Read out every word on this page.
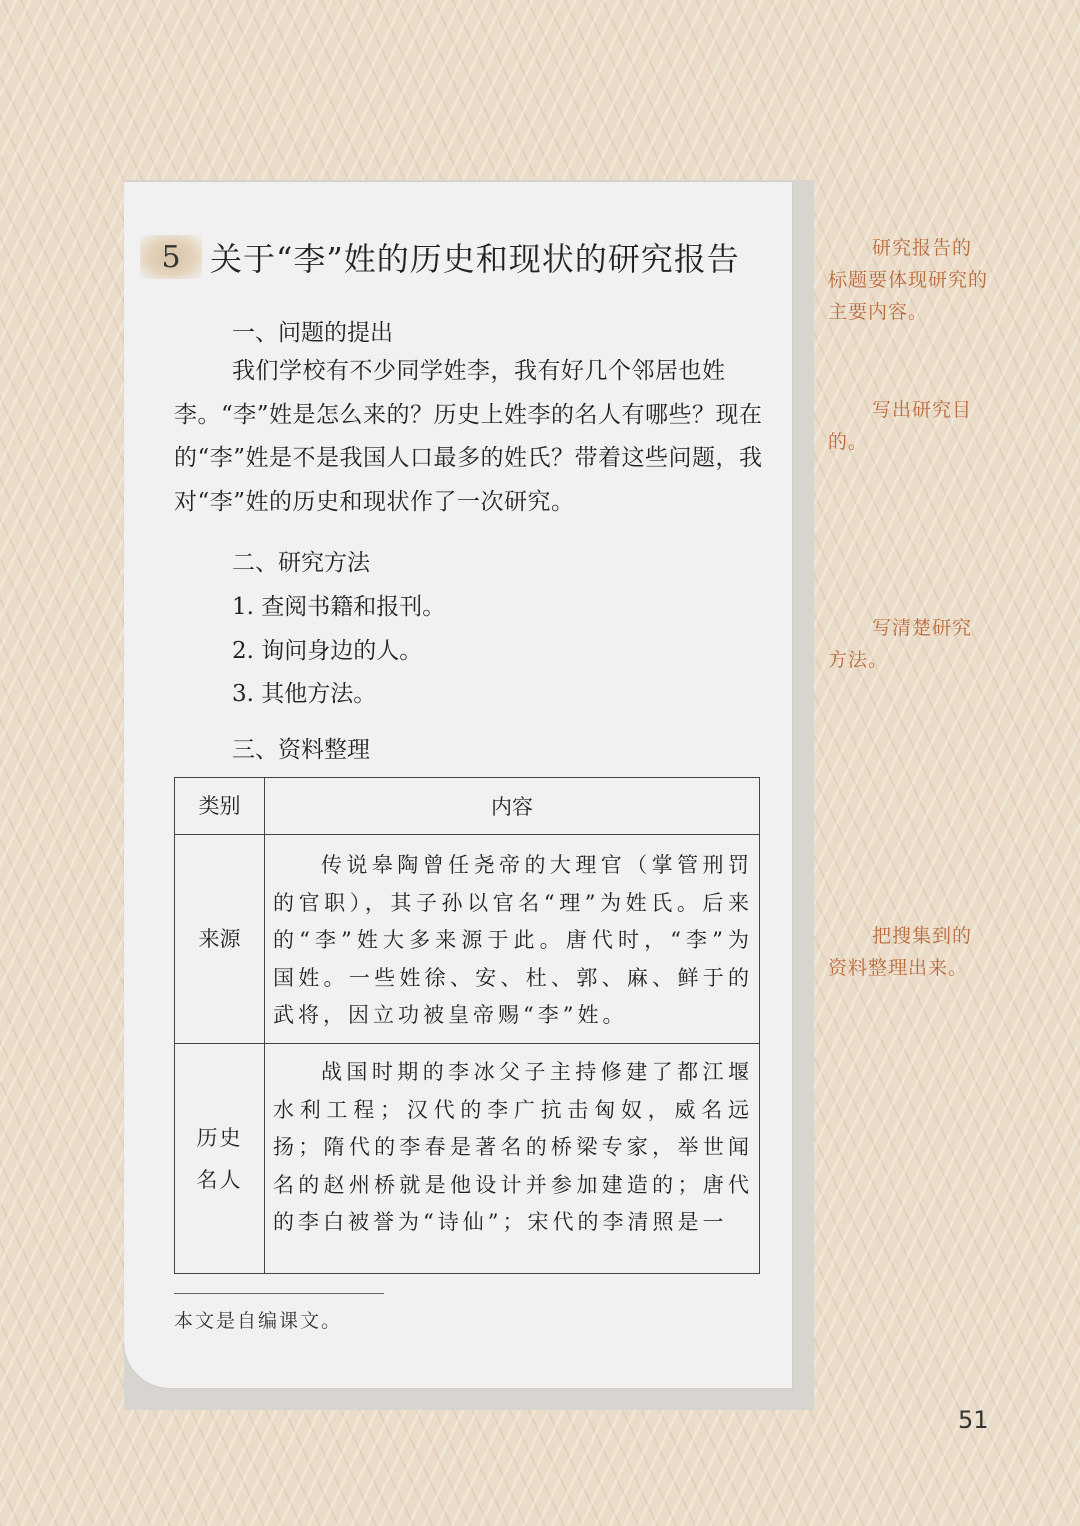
5 关于“李”姓的历史和现状的研究报告
一、问题的提出
我们学校有不少同学姓李，我有好几个邻居也姓李。“李”姓是怎么来的？历史上姓李的名人有哪些？现在的“李”姓是不是我国人口最多的姓氏？带着这些问题，我对“李”姓的历史和现状作了一次研究。
二、研究方法
1. 查阅书籍和报刊。
2. 询问身边的人。
3. 其他方法。
三、资料整理
类别	内容
来源	传说皋陶曾任尧帝的大理官（掌管刑罚的官职），其子孙以官名“理”为姓氏。后来的“李”姓大多来源于此。唐代时，“李”为国姓。一些姓徐、安、杜、郭、麻、鲜于的武将，因立功被皇帝赐“李”姓。

历史名人	战国时期的李冰父子主持修建了都江堰水利工程；汉代的李广抗击匈奴，威名远扬；隋代的李春是著名的桥梁专家，举世闻名的赵州桥就是他设计并参加建造的；唐代的李白被誉为“诗仙”；宋代的李清照是一

本文是自编课文。
研究报告的标题要体现研究的主要内容。
写出研究目的。
写清楚研究方法。
把搜集到的资料整理出来。
51
